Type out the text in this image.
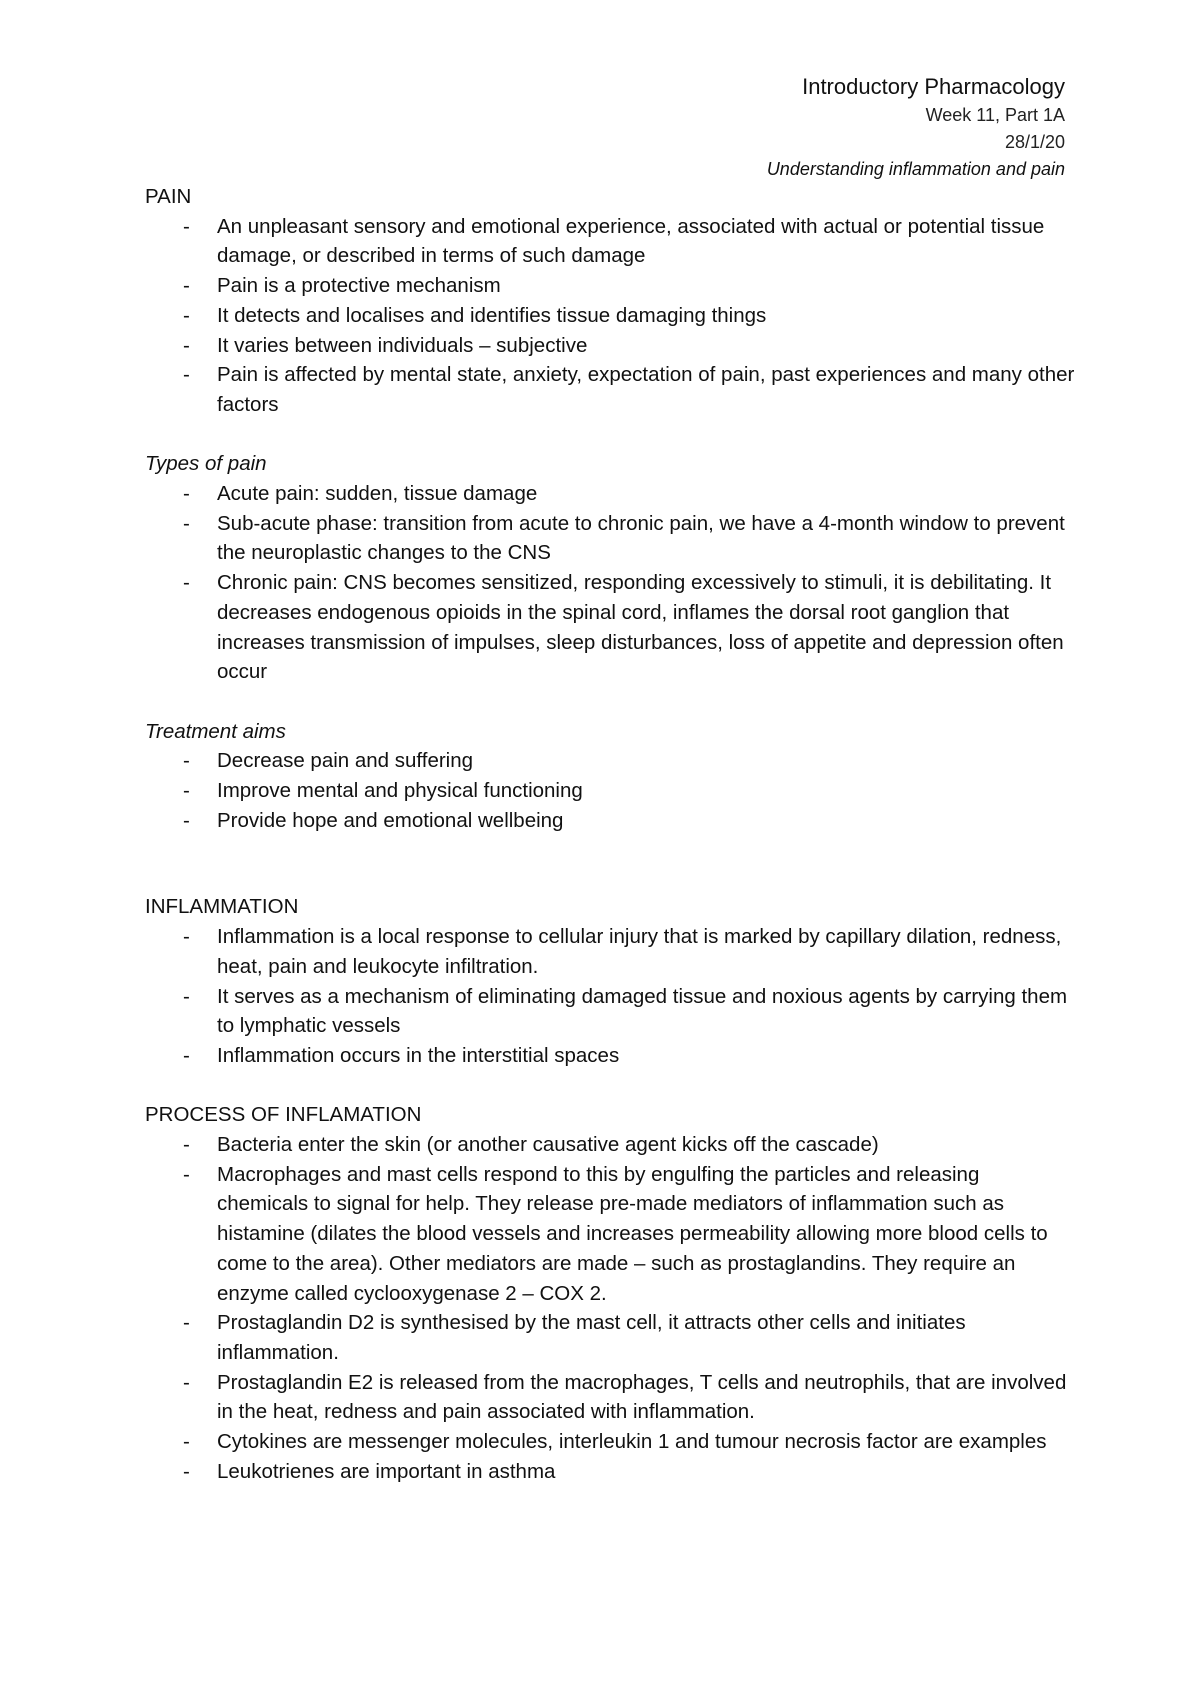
Introductory Pharmacology
Week 11, Part 1A
28/1/20
Understanding inflammation and pain

PAIN

- An unpleasant sensory and emotional experience, associated with actual or potential tissue damage, or described in terms of such damage
- Pain is a protective mechanism
- It detects and localises and identifies tissue damaging things
- It varies between individuals – subjective
- Pain is affected by mental state, anxiety, expectation of pain, past experiences and many other factors

Types of pain

- Acute pain: sudden, tissue damage
- Sub-acute phase: transition from acute to chronic pain, we have a 4-month window to prevent the neuroplastic changes to the CNS
- Chronic pain: CNS becomes sensitized, responding excessively to stimuli, it is debilitating. It decreases endogenous opioids in the spinal cord, inflames the dorsal root ganglion that increases transmission of impulses, sleep disturbances, loss of appetite and depression often occur

Treatment aims

- Decrease pain and suffering
- Improve mental and physical functioning
- Provide hope and emotional wellbeing

INFLAMMATION

- Inflammation is a local response to cellular injury that is marked by capillary dilation, redness, heat, pain and leukocyte infiltration.
- It serves as a mechanism of eliminating damaged tissue and noxious agents by carrying them to lymphatic vessels
- Inflammation occurs in the interstitial spaces

PROCESS OF INFLAMATION

- Bacteria enter the skin (or another causative agent kicks off the cascade)
- Macrophages and mast cells respond to this by engulfing the particles and releasing chemicals to signal for help. They release pre-made mediators of inflammation such as histamine (dilates the blood vessels and increases permeability allowing more blood cells to come to the area). Other mediators are made – such as prostaglandins. They require an enzyme called cyclooxygenase 2 – COX 2.
- Prostaglandin D2 is synthesised by the mast cell, it attracts other cells and initiates inflammation.
- Prostaglandin E2 is released from the macrophages, T cells and neutrophils, that are involved in the heat, redness and pain associated with inflammation.
- Cytokines are messenger molecules, interleukin 1 and tumour necrosis factor are examples
- Leukotrienes are important in asthma
